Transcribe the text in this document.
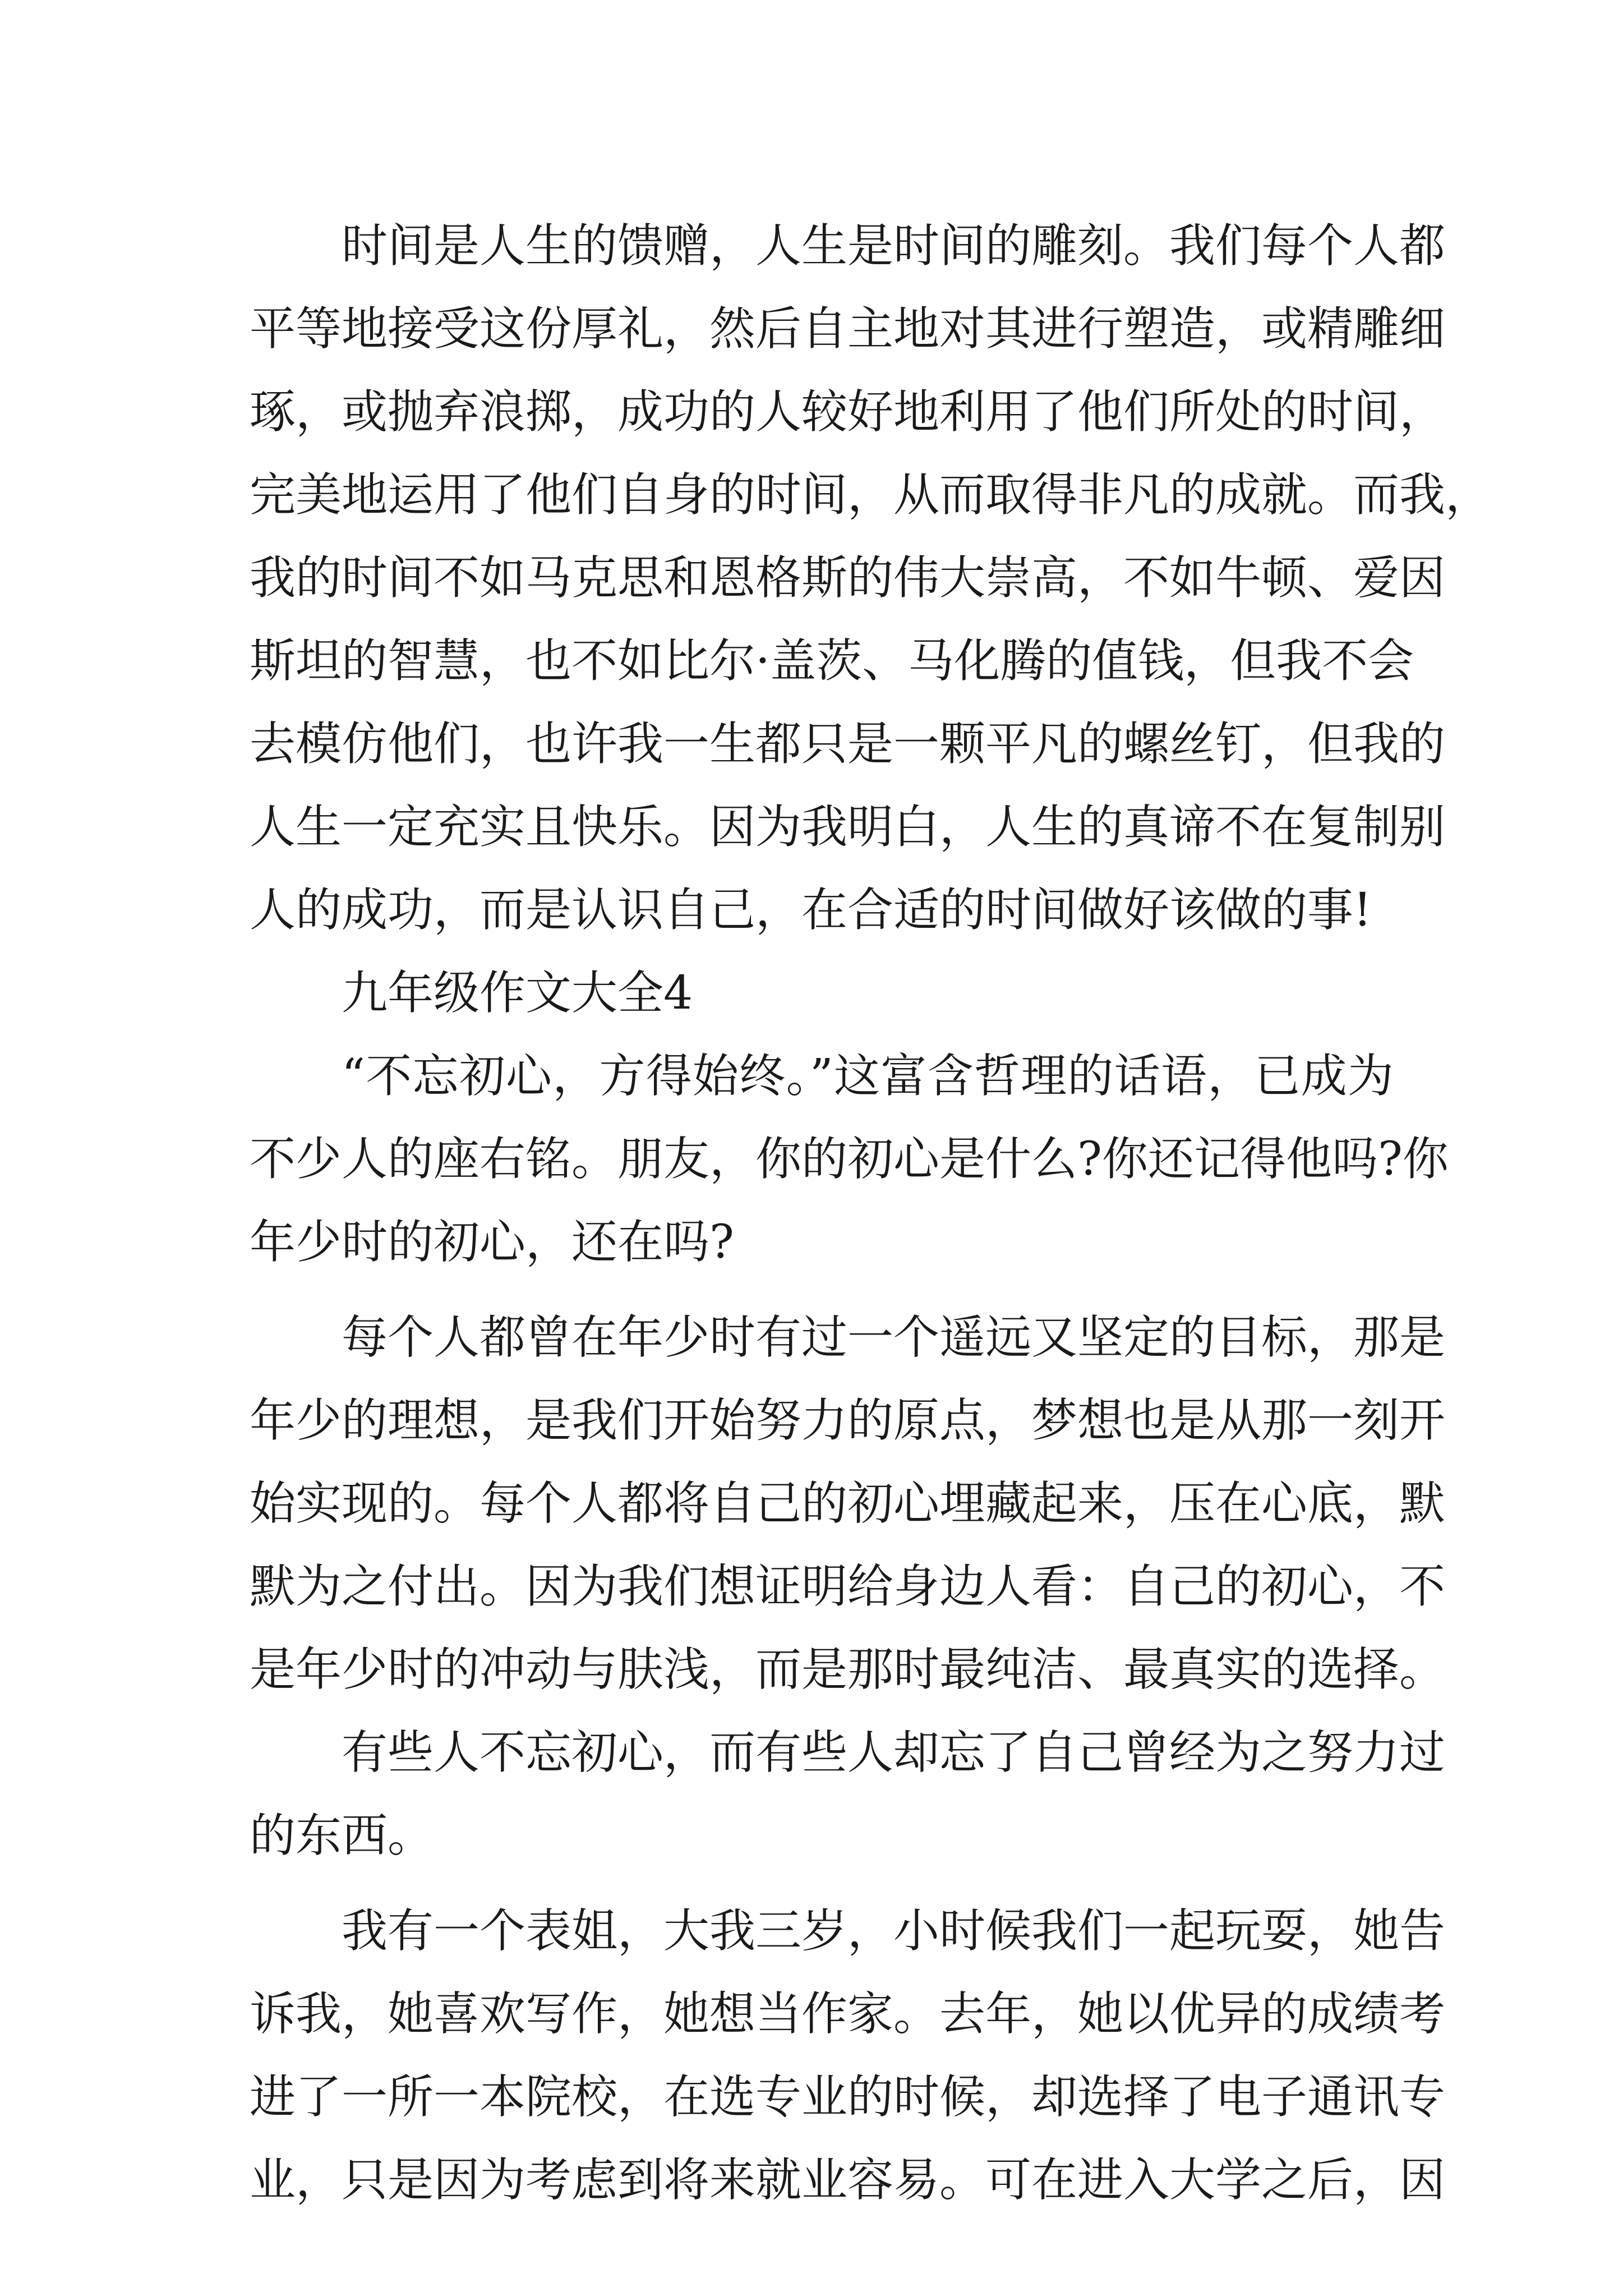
时间是人生的馈赠，人生是时间的雕刻。我们每个人都
平等地接受这份厚礼，然后自主地对其进行塑造，或精雕细
琢，或抛弃浪掷，成功的人较好地利用了他们所处的时间，
完美地运用了他们自身的时间，从而取得非凡的成就。而我，
我的时间不如马克思和恩格斯的伟大崇高，不如牛顿、爱因
斯坦的智慧，也不如比尔·盖茨、马化腾的值钱，但我不会
去模仿他们，也许我一生都只是一颗平凡的螺丝钉，但我的
人生一定充实且快乐。因为我明白，人生的真谛不在复制别
人的成功，而是认识自己，在合适的时间做好该做的事!
九年级作文大全4
“不忘初心，方得始终。”这富含哲理的话语，已成为
不少人的座右铭。朋友，你的初心是什么?你还记得他吗?你
年少时的初心，还在吗?
每个人都曾在年少时有过一个遥远又坚定的目标，那是
年少的理想，是我们开始努力的原点，梦想也是从那一刻开
始实现的。每个人都将自己的初心埋藏起来，压在心底，默
默为之付出。因为我们想证明给身边人看：自己的初心，不
是年少时的冲动与肤浅，而是那时最纯洁、最真实的选择。
有些人不忘初心，而有些人却忘了自己曾经为之努力过
的东西。
我有一个表姐，大我三岁，小时候我们一起玩耍，她告
诉我，她喜欢写作，她想当作家。去年，她以优异的成绩考
进了一所一本院校，在选专业的时候，却选择了电子通讯专
业，只是因为考虑到将来就业容易。可在进入大学之后，因
